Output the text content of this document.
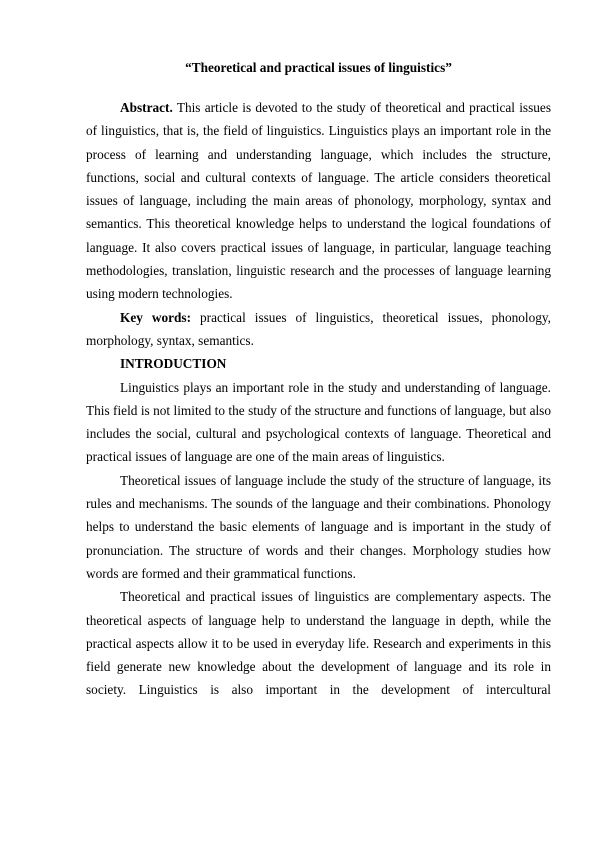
“Theoretical and practical issues of linguistics”

Abstract. This article is devoted to the study of theoretical and practical issues of linguistics, that is, the field of linguistics. Linguistics plays an important role in the process of learning and understanding language, which includes the structure, functions, social and cultural contexts of language. The article considers theoretical issues of language, including the main areas of phonology, morphology, syntax and semantics. This theoretical knowledge helps to understand the logical foundations of language. It also covers practical issues of language, in particular, language teaching methodologies, translation, linguistic research and the processes of language learning using modern technologies.

Key words: practical issues of linguistics, theoretical issues, phonology, morphology, syntax, semantics.

INTRODUCTION

Linguistics plays an important role in the study and understanding of language. This field is not limited to the study of the structure and functions of language, but also includes the social, cultural and psychological contexts of language. Theoretical and practical issues of language are one of the main areas of linguistics.

Theoretical issues of language include the study of the structure of language, its rules and mechanisms. The sounds of the language and their combinations. Phonology helps to understand the basic elements of language and is important in the study of pronunciation. The structure of words and their changes. Morphology studies how words are formed and their grammatical functions.

Theoretical and practical issues of linguistics are complementary aspects. The theoretical aspects of language help to understand the language in depth, while the practical aspects allow it to be used in everyday life. Research and experiments in this field generate new knowledge about the development of language and its role in society. Linguistics is also important in the development of intercultural
